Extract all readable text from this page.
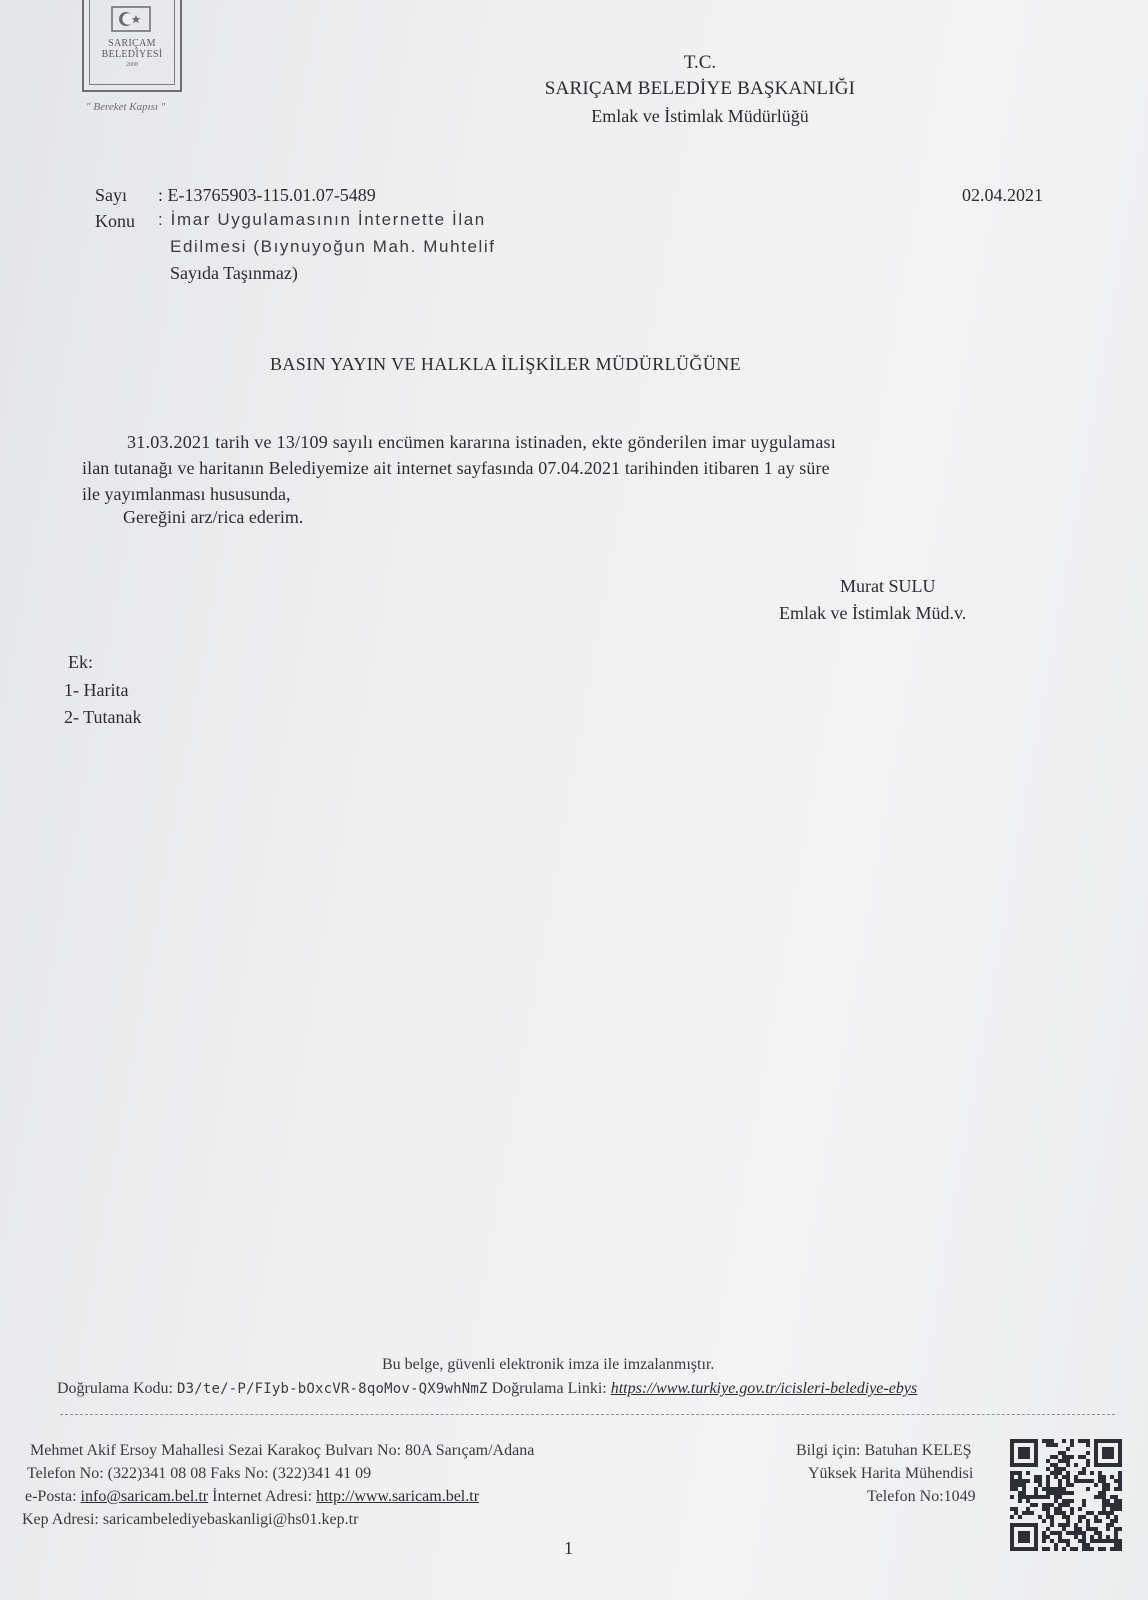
SARIÇAM
BELEDİYESİ
2008
" Bereket Kapısı "
T.C.
SARIÇAM BELEDİYE BAŞKANLIĞI
Emlak ve İstimlak Müdürlüğü
Sayı : E-13765903-115.01.07-5489	02.04.2021
Konu : İmar Uygulamasının İnternette İlan
Edilmesi (Bıynuyoğun Mah. Muhtelif
Sayıda Taşınmaz)
BASIN YAYIN VE HALKLA İLİŞKİLER MÜDÜRLÜĞÜNE
31.03.2021 tarih ve 13/109 sayılı encümen kararına istinaden, ekte gönderilen imar uygulaması
ilan tutanağı ve haritanın Belediyemize ait internet sayfasında 07.04.2021 tarihinden itibaren 1 ay süre
ile yayımlanması hususunda,
Gereğini arz/rica ederim.
Murat SULU
Emlak ve İstimlak Müd.v.
Ek:
1- Harita
2- Tutanak
Bu belge, güvenli elektronik imza ile imzalanmıştır.
Doğrulama Kodu: D3/te/-P/FIyb-bOxcVR-8qoMov-QX9whNmZ Doğrulama Linki: https://www.turkiye.gov.tr/icisleri-belediye-ebys
Mehmet Akif Ersoy Mahallesi Sezai Karakoç Bulvarı No: 80A Sarıçam/Adana
Telefon No: (322)341 08 08 Faks No: (322)341 41 09
e-Posta: info@saricam.bel.tr İnternet Adresi: http://www.saricam.bel.tr
Kep Adresi: saricambelediyebaskanligi@hs01.kep.tr
Bilgi için: Batuhan KELEŞ
Yüksek Harita Mühendisi
Telefon No:1049
1
